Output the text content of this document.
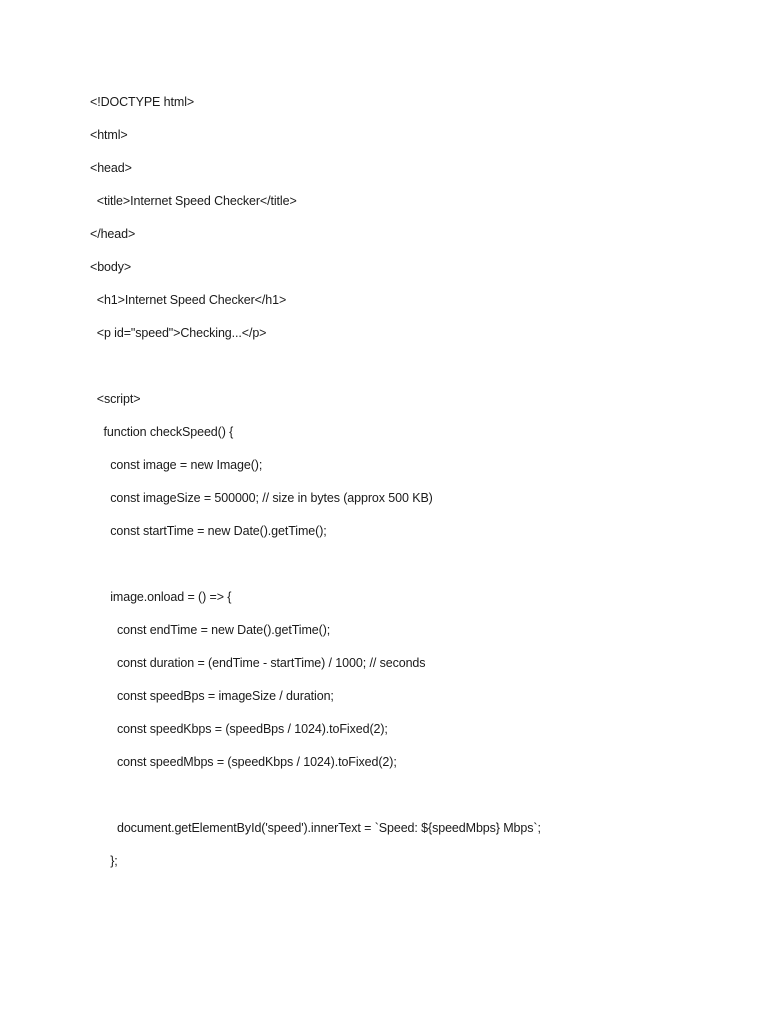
<!DOCTYPE html>
<html>
<head>
<title>Internet Speed Checker</title>
</head>
<body>
<h1>Internet Speed Checker</h1>
<p id="speed">Checking...</p>
<script>
function checkSpeed() {
const image = new Image();
const imageSize = 500000; // size in bytes (approx 500 KB)
const startTime = new Date().getTime();
image.onload = () => {
const endTime = new Date().getTime();
const duration = (endTime - startTime) / 1000; // seconds
const speedBps = imageSize / duration;
const speedKbps = (speedBps / 1024).toFixed(2);
const speedMbps = (speedKbps / 1024).toFixed(2);
document.getElementById('speed').innerText = `Speed: ${speedMbps} Mbps`;
};
